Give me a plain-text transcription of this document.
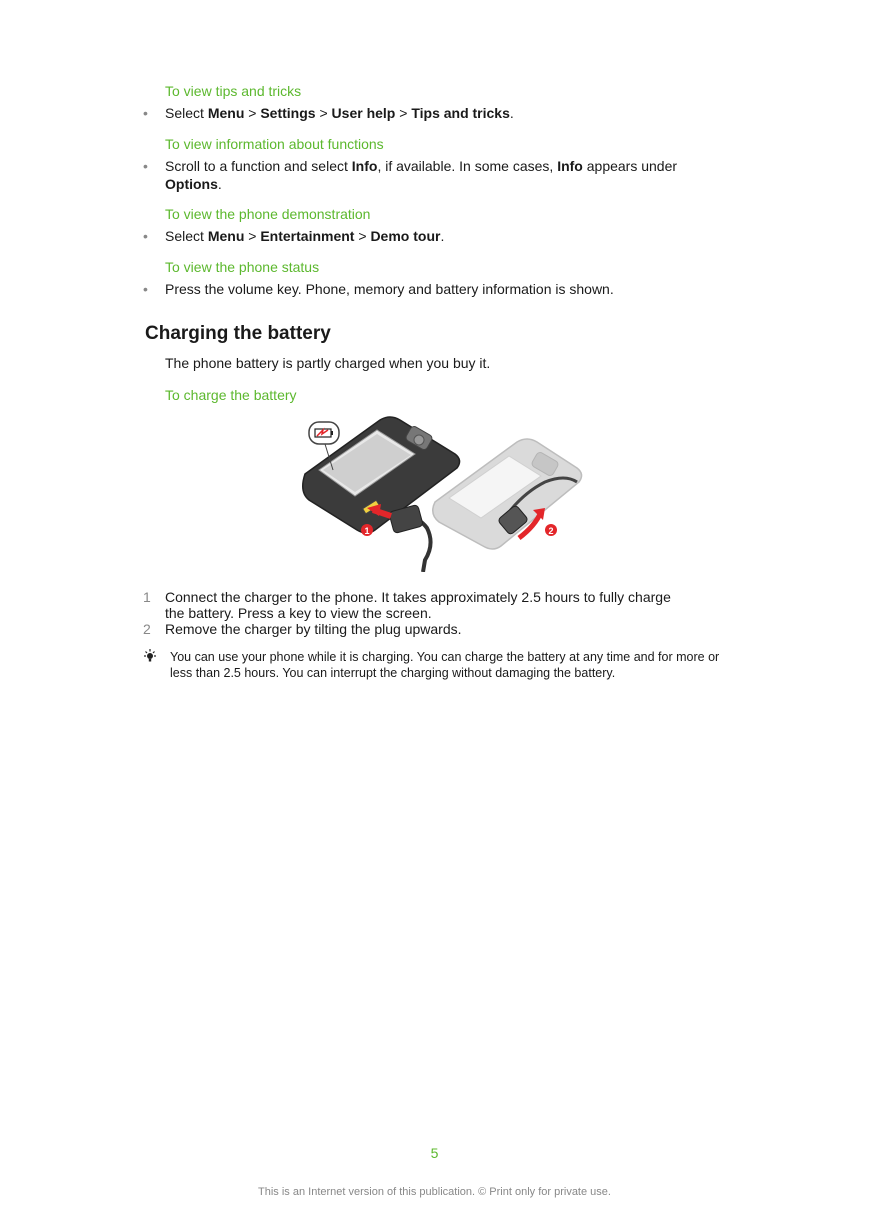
To view tips and tricks
• Select Menu > Settings > User help > Tips and tricks.
To view information about functions
• Scroll to a function and select Info, if available. In some cases, Info appears under
Options.
To view the phone demonstration
• Select Menu > Entertainment > Demo tour.
To view the phone status
• Press the volume key. Phone, memory and battery information is shown.
Charging the battery
The phone battery is partly charged when you buy it.
To charge the battery
1	2
1 Connect the charger to the phone. It takes approximately 2.5 hours to fully charge the battery. Press a key to view the screen.
2 Remove the charger by tilting the plug upwards.
You can use your phone while it is charging. You can charge the battery at any time and for more or less than 2.5 hours. You can interrupt the charging without damaging the battery.
5
This is an Internet version of this publication. © Print only for private use.
